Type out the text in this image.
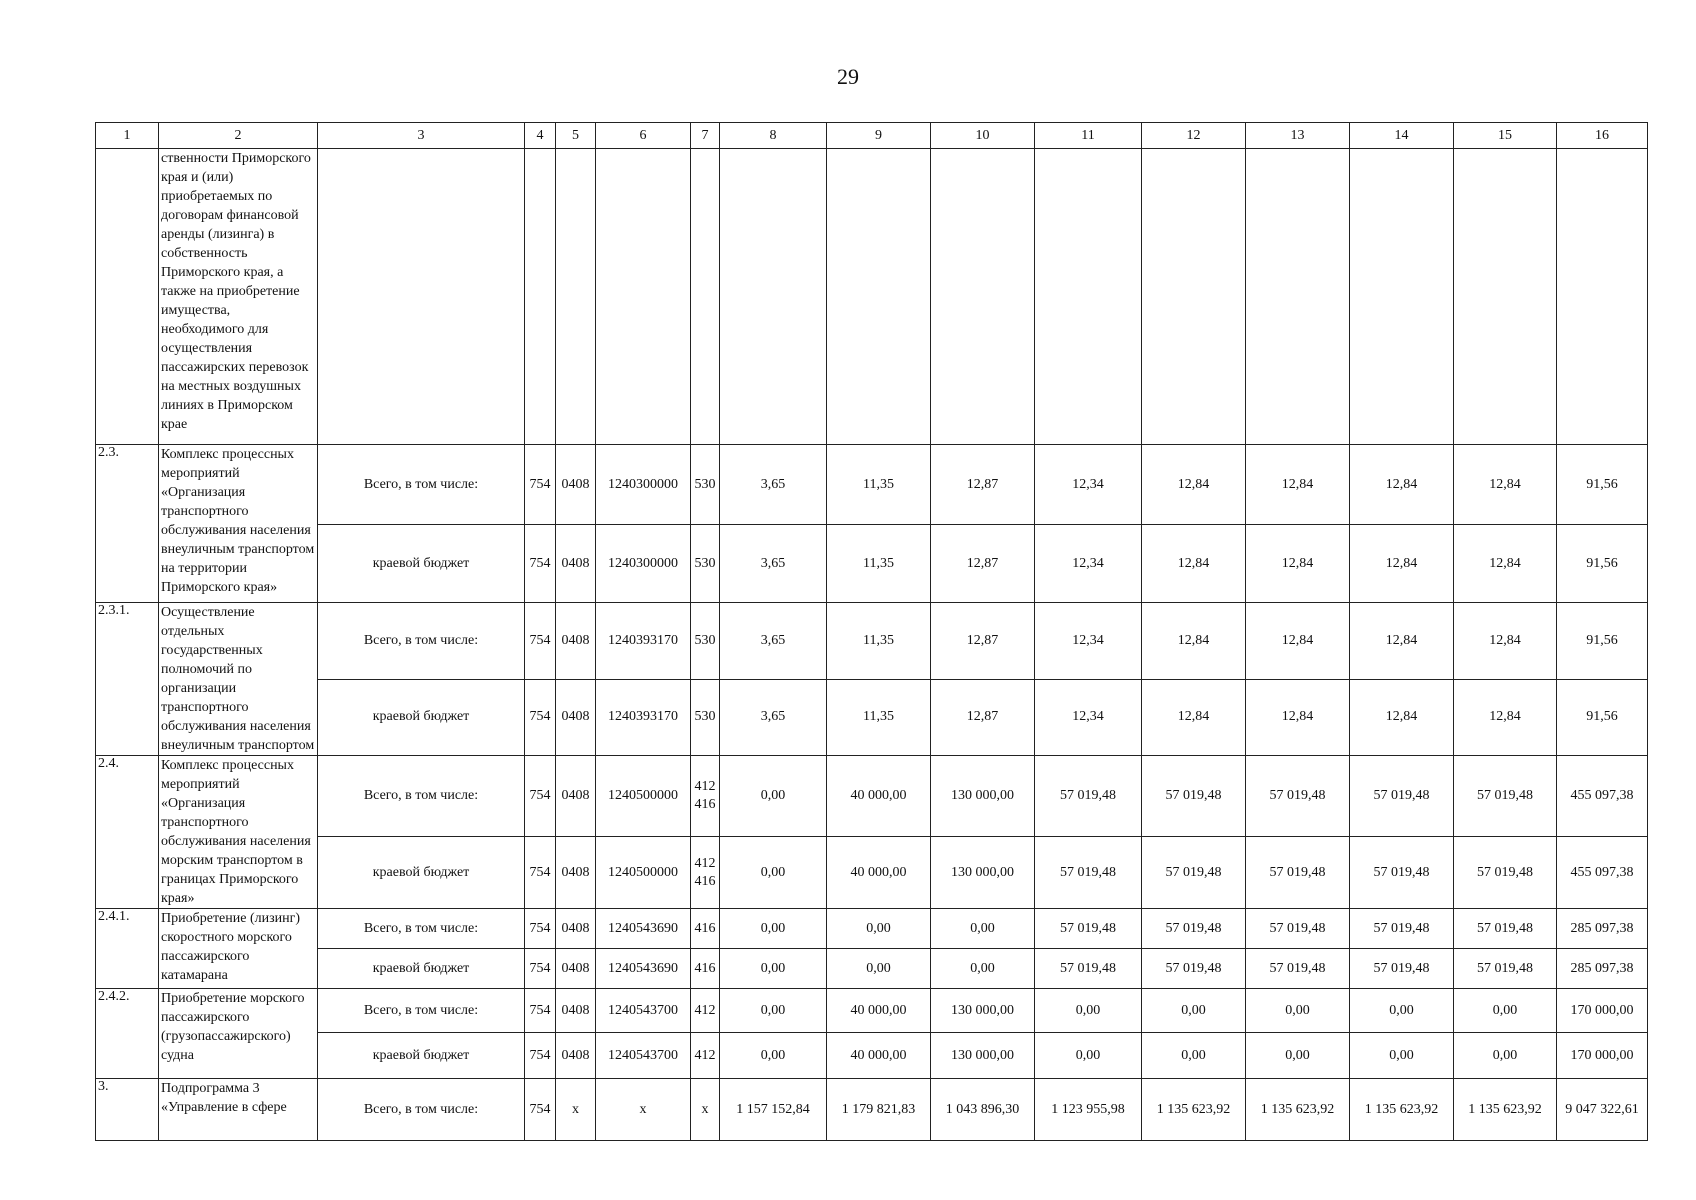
29
1	2	3	4	5	6	7	8	9	10	11	12	13	14	15	16
	ственности Приморского края и (или) приобретаемых по договорам финансовой аренды (лизинга) в собственность Приморского края, а также на приобретение имущества, необходимого для осуществления пассажирских перевозок на местных воздушных линиях в Приморском крае														
2.3.	Комплекс процессных мероприятий «Организация транспортного обслуживания населения внеуличным транспортом на территории Приморского края»	Всего, в том числе:	754	0408	1240300000	530	3,65	11,35	12,87	12,34	12,84	12,84	12,84	12,84	91,56
		краевой бюджет	754	0408	1240300000	530	3,65	11,35	12,87	12,34	12,84	12,84	12,84	12,84	91,56
2.3.1.	Осуществление отдельных государственных полномочий по организации транспортного обслуживания населения внеуличным транспортом	Всего, в том числе:	754	0408	1240393170	530	3,65	11,35	12,87	12,34	12,84	12,84	12,84	12,84	91,56
		краевой бюджет	754	0408	1240393170	530	3,65	11,35	12,87	12,34	12,84	12,84	12,84	12,84	91,56
2.4.	Комплекс процессных мероприятий «Организация транспортного обслуживания населения морским транспортом в границах Приморского края»	Всего, в том числе:	754	0408	1240500000	412 416	0,00	40 000,00	130 000,00	57 019,48	57 019,48	57 019,48	57 019,48	57 019,48	455 097,38
		краевой бюджет	754	0408	1240500000	412 416	0,00	40 000,00	130 000,00	57 019,48	57 019,48	57 019,48	57 019,48	57 019,48	455 097,38
2.4.1.	Приобретение (лизинг) скоростного морского пассажирского катамарана	Всего, в том числе:	754	0408	1240543690	416	0,00	0,00	0,00	57 019,48	57 019,48	57 019,48	57 019,48	57 019,48	285 097,38
		краевой бюджет	754	0408	1240543690	416	0,00	0,00	0,00	57 019,48	57 019,48	57 019,48	57 019,48	57 019,48	285 097,38
2.4.2.	Приобретение морского пассажирского (грузопассажирского) судна	Всего, в том числе:	754	0408	1240543700	412	0,00	40 000,00	130 000,00	0,00	0,00	0,00	0,00	0,00	170 000,00
		краевой бюджет	754	0408	1240543700	412	0,00	40 000,00	130 000,00	0,00	0,00	0,00	0,00	0,00	170 000,00
3.	Подпрограмма 3 «Управление в сфере	Всего, в том числе:	754	x	x	x	1 157 152,84	1 179 821,83	1 043 896,30	1 123 955,98	1 135 623,92	1 135 623,92	1 135 623,92	1 135 623,92	9 047 322,61
